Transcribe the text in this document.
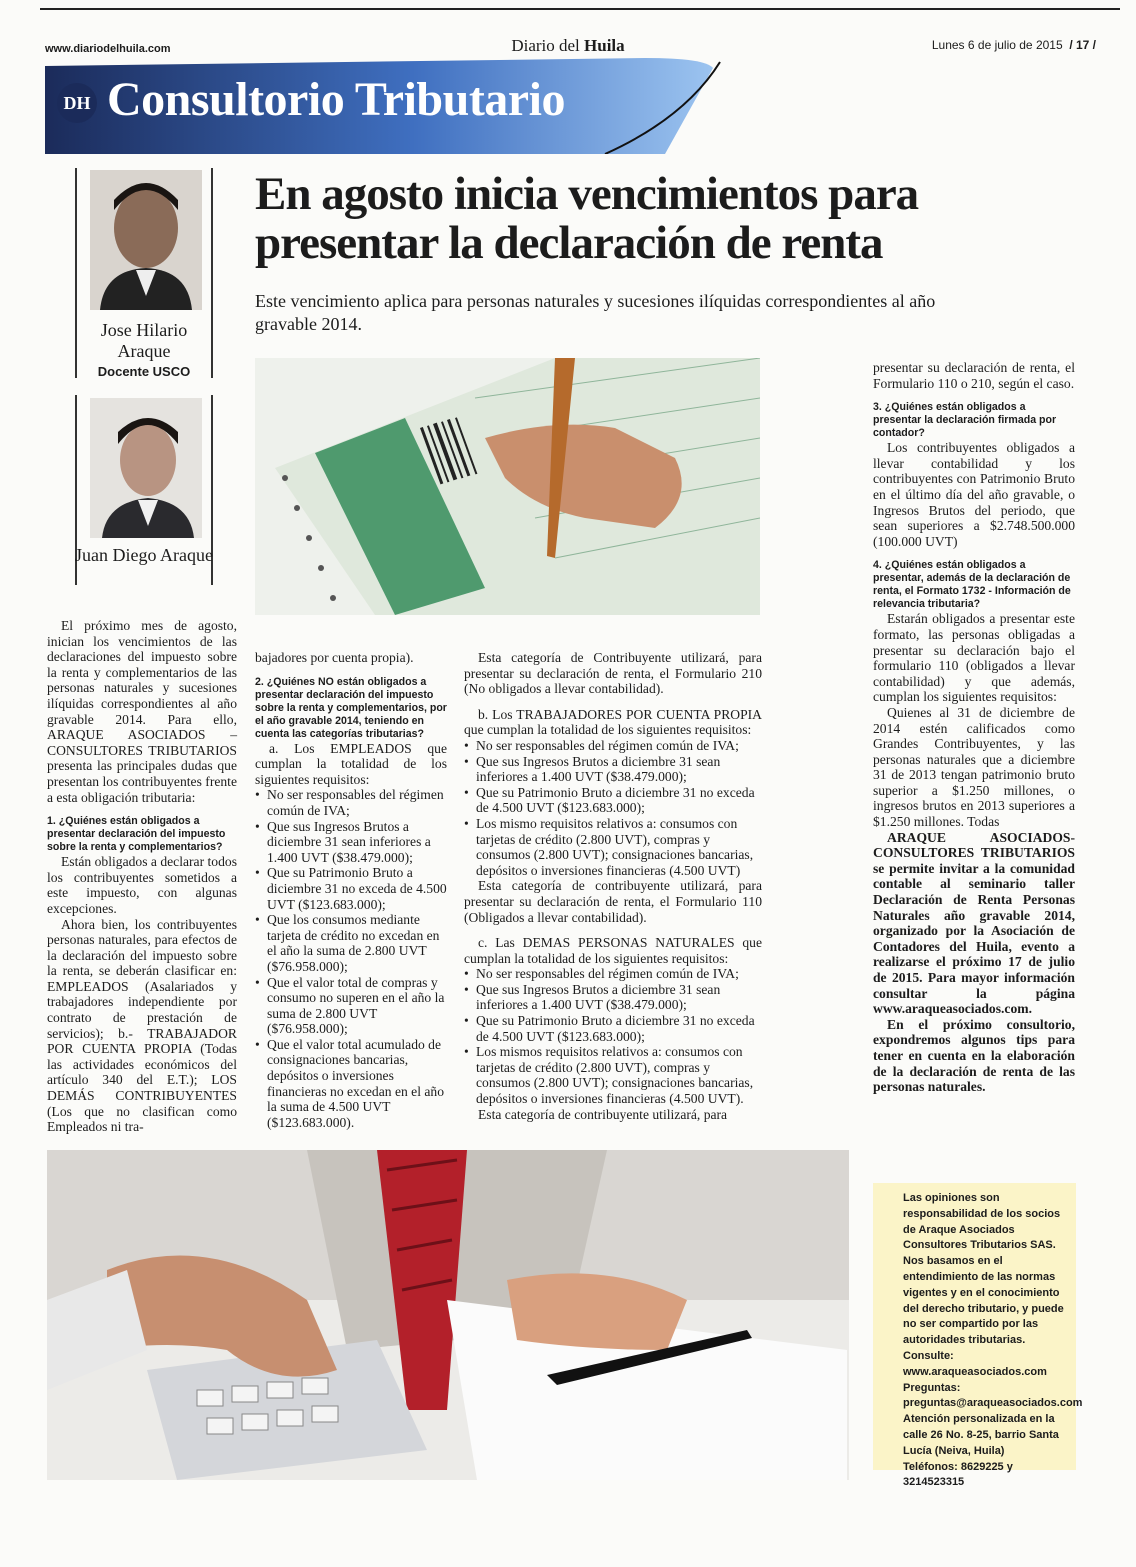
www.diariodelhuila.com	Diario del Huila	Lunes 6 de julio de 2015 / 17 /
DH Consultorio Tributario
Jose Hilario Araque
Docente USCO
Juan Diego Araque
En agosto inicia vencimientos para presentar la declaración de renta
Este vencimiento aplica para personas naturales y sucesiones ilíquidas correspondientes al año gravable 2014.

El próximo mes de agosto, inician los vencimientos de las declaraciones del impuesto sobre la renta y complementarios de las personas naturales y sucesiones ilíquidas correspondientes al año gravable 2014. Para ello, ARAQUE ASOCIADOS – CONSULTORES TRIBUTARIOS presenta las principales dudas que presentan los contribuyentes frente a esta obligación tributaria:

1. ¿Quiénes están obligados a presentar declaración del impuesto sobre la renta y complementarios?

Están obligados a declarar todos los contribuyentes sometidos a este impuesto, con algunas excepciones.

Ahora bien, los contribuyentes personas naturales, para efectos de la declaración del impuesto sobre la renta, se deberán clasificar en: EMPLEADOS (Asalariados y trabajadores independiente por contrato de prestación de servicios); b.- TRABAJADOR POR CUENTA PROPIA (Todas las actividades económicos del artículo 340 del E.T.); LOS DEMÁS CONTRIBUYENTES (Los que no clasifican como Empleados ni tra-

bajadores por cuenta propia).

2. ¿Quiénes NO están obligados a presentar declaración del impuesto sobre la renta y complementarios, por el año gravable 2014, teniendo en cuenta las categorías tributarias?

a. Los EMPLEADOS que cumplan la totalidad de los siguientes requisitos:

• No ser responsables del régimen común de IVA;
• Que sus Ingresos Brutos a diciembre 31 sean inferiores a 1.400 UVT ($38.479.000);
• Que su Patrimonio Bruto a diciembre 31 no exceda de 4.500 UVT ($123.683.000);
• Que los consumos mediante tarjeta de crédito no excedan en el año la suma de 2.800 UVT ($76.958.000);
• Que el valor total de compras y consumo no superen en el año la suma de 2.800 UVT ($76.958.000);
• Que el valor total acumulado de consignaciones bancarias, depósitos o inversiones financieras no excedan en el año la suma de 4.500 UVT ($123.683.000).

Esta categoría de Contribuyente utilizará, para presentar su declaración de renta, el Formulario 210 (No obligados a llevar contabilidad).

b. Los TRABAJADORES POR CUENTA PROPIA que cumplan la totalidad de los siguientes requisitos:

• No ser responsables del régimen común de IVA;
• Que sus Ingresos Brutos a diciembre 31 sean inferiores a 1.400 UVT ($38.479.000);
• Que su Patrimonio Bruto a diciembre 31 no exceda de 4.500 UVT ($123.683.000);
• Los mismo requisitos relativos a: consumos con tarjetas de crédito (2.800 UVT), compras y consumos (2.800 UVT); consignaciones bancarias, depósitos o inversiones financieras (4.500 UVT)

Esta categoría de contribuyente utilizará, para presentar su declaración de renta, el Formulario 110 (Obligados a llevar contabilidad).

c. Las DEMAS PERSONAS NATURALES que cumplan la totalidad de los siguientes requisitos:

• No ser responsables del régimen común de IVA;
• Que sus Ingresos Brutos a diciembre 31 sean inferiores a 1.400 UVT ($38.479.000);
• Que su Patrimonio Bruto a diciembre 31 no exceda de 4.500 UVT ($123.683.000);
• Los mismos requisitos relativos a: consumos con tarjetas de crédito (2.800 UVT), compras y consumos (2.800 UVT); consignaciones bancarias, depósitos o inversiones financieras (4.500 UVT).

Esta categoría de contribuyente utilizará, para

presentar su declaración de renta, el Formulario 110 o 210, según el caso.

3. ¿Quiénes están obligados a presentar la declaración firmada por contador?

Los contribuyentes obligados a llevar contabilidad y los contribuyentes con Patrimonio Bruto en el último día del año gravable, o Ingresos Brutos del periodo, que sean superiores a $2.748.500.000 (100.000 UVT)

4. ¿Quiénes están obligados a presentar, además de la declaración de renta, el Formato 1732 - Información de relevancia tributaria?

Estarán obligados a presentar este formato, las personas obligadas a presentar su declaración bajo el formulario 110 (obligados a llevar contabilidad) y que además, cumplan los siguientes requisitos:

Quienes al 31 de diciembre de 2014 estén calificados como Grandes Contribuyentes, y las personas naturales que a diciembre 31 de 2013 tengan patrimonio bruto superior a $1.250 millones, o ingresos brutos en 2013 superiores a $1.250 millones. Todas

ARAQUE ASOCIADOS-CONSULTORES TRIBUTARIOS se permite invitar a la comunidad contable al seminario taller Declaración de Renta Personas Naturales año gravable 2014, organizado por la Asociación de Contadores del Huila, evento a realizarse el próximo 17 de julio de 2015. Para mayor información consultar la página www.araqueasociados.com.

En el próximo consultorio, expondremos algunos tips para tener en cuenta en la elaboración de la declaración de renta de las personas naturales.

Las opiniones son responsabilidad de los socios de Araque Asociados Consultores Tributarios SAS. Nos basamos en el entendimiento de las normas vigentes y en el conocimiento del derecho tributario, y puede no ser compartido por las autoridades tributarias.
Consulte:
www.araqueasociados.com
Preguntas: preguntas@araqueasociados.com
Atención personalizada en la calle 26 No. 8-25, barrio Santa Lucía (Neiva, Huila)
Teléfonos: 8629225 y 3214523315
